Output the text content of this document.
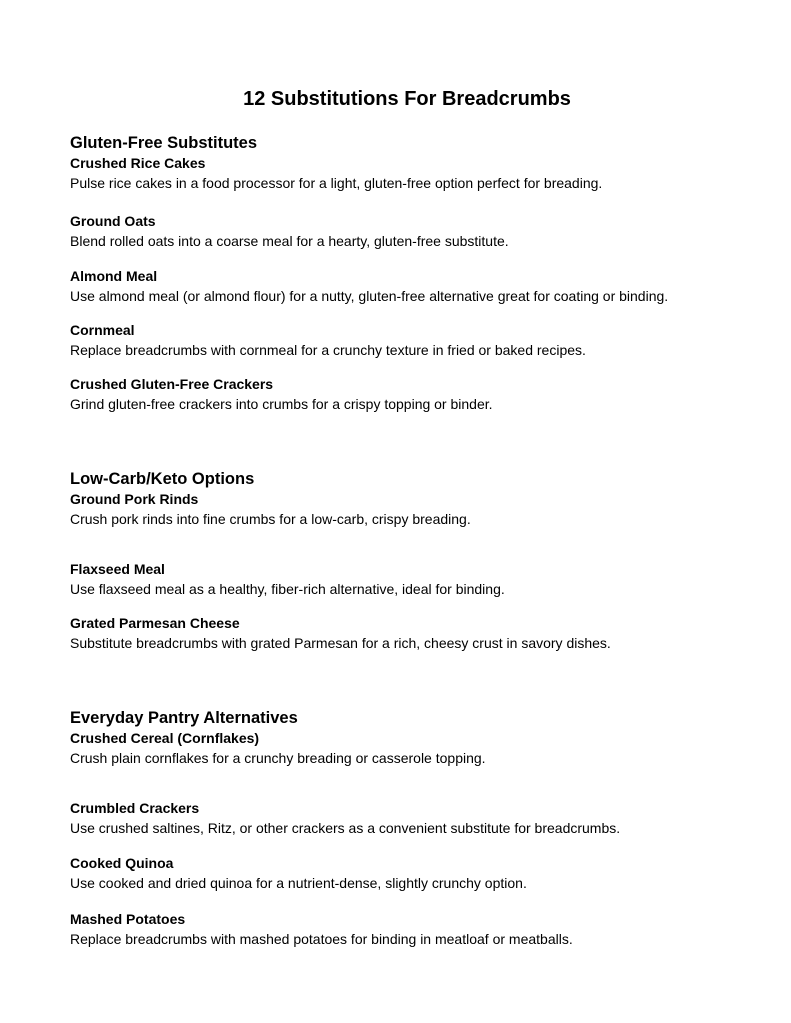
12 Substitutions For Breadcrumbs
Gluten-Free Substitutes

Crushed Rice Cakes

Pulse rice cakes in a food processor for a light, gluten-free option perfect for breading.

Ground Oats

Blend rolled oats into a coarse meal for a hearty, gluten-free substitute.

Almond Meal

Use almond meal (or almond flour) for a nutty, gluten-free alternative great for coating or binding.

Cornmeal

Replace breadcrumbs with cornmeal for a crunchy texture in fried or baked recipes.

Crushed Gluten-Free Crackers

Grind gluten-free crackers into crumbs for a crispy topping or binder.

Low-Carb/Keto Options

Ground Pork Rinds

Crush pork rinds into fine crumbs for a low-carb, crispy breading.

Flaxseed Meal

Use flaxseed meal as a healthy, fiber-rich alternative, ideal for binding.

Grated Parmesan Cheese

Substitute breadcrumbs with grated Parmesan for a rich, cheesy crust in savory dishes.

Everyday Pantry Alternatives

Crushed Cereal (Cornflakes)

Crush plain cornflakes for a crunchy breading or casserole topping.

Crumbled Crackers

Use crushed saltines, Ritz, or other crackers as a convenient substitute for breadcrumbs.

Cooked Quinoa

Use cooked and dried quinoa for a nutrient-dense, slightly crunchy option.

Mashed Potatoes

Replace breadcrumbs with mashed potatoes for binding in meatloaf or meatballs.
